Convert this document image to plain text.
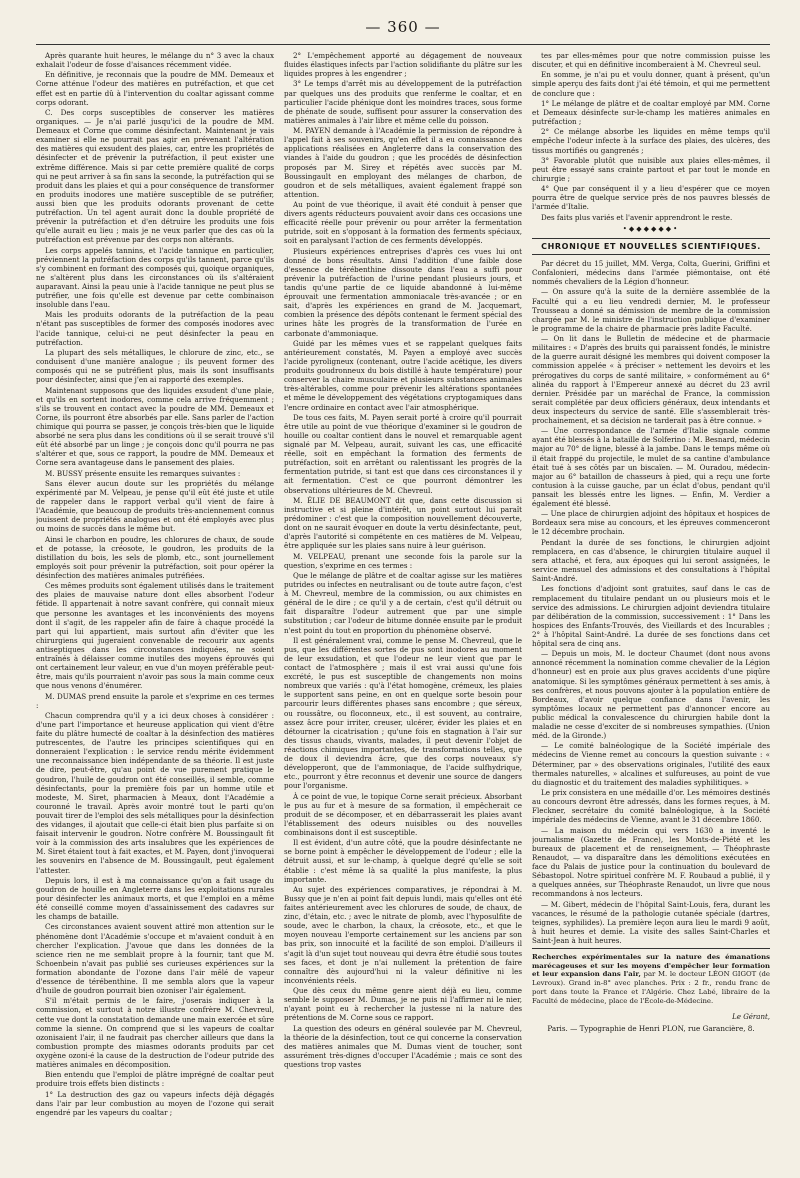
— 360 —

Après quarante huit heures, le mélange du n° 3 avec la chaux exhalait l'odeur de fosse d'aisances récemment vidée.

En définitive, je reconnais que la poudre de MM. Demeaux et Corne atténue l'odeur des matières en putréfaction, et que cet effet est en partie dû à l'intervention du coaltar agissant comme corps odorant.

C. Des corps susceptibles de conserver les matières organiques. — Je n'ai parlé jusqu'ici de la poudre de MM. Demeaux et Corne que comme désinfectant. Maintenant je vais examiner si elle ne pourrait pas agir en prévenant l'altération des matières qui exsudent des plaies, car, entre les propriétés de désinfecter et de prévenir la putréfaction, il peut exister une extrême différence. Mais si par cette première qualité de corps qui ne peut arriver à sa fin sans la seconde, la putréfaction qui se produit dans les plaies et qui a pour conséquence de transformer en produits inodores une matière susceptible de se putréfier, aussi bien que les produits odorants provenant de cette putréfaction. Un tel agent aurait donc la double propriété de prévenir la putréfaction et d'en détruire les produits une fois qu'elle aurait eu lieu ; mais je ne veux parler que des cas où la putréfaction est prévenue par des corps non altérants.

Les corps appelés tannins, et l'acide tannique en particulier, préviennent la putréfaction des corps qu'ils tannent, parce qu'ils s'y combinent en formant des composés qui, quoique organiques, ne s'altèrent plus dans les circonstances où ils s'altéraient auparavant. Ainsi la peau unie à l'acide tannique ne peut plus se putréfier, une fois qu'elle est devenue par cette combinaison insoluble dans l'eau.

Mais les produits odorants de la putréfaction de la peau n'étant pas susceptibles de former des composés inodores avec l'acide tannique, celui-ci ne peut désinfecter la peau en putréfaction.

La plupart des sels métalliques, le chlorure de zinc, etc., se conduisent d'une manière analogue ; ils peuvent former des composés qui ne se putréfient plus, mais ils sont insuffisants pour désinfecter, ainsi que j'en ai rapporté des exemples.

Maintenant supposons que des liquides exsudent d'une plaie, et qu'ils en sortent inodores, comme cela arrive fréquemment ; s'ils se trouvent en contact avec la poudre de MM. Demeaux et Corne, ils pourront être absorbés par elle. Sans parler de l'action chimique qui pourra se passer, je conçois très-bien que le liquide absorbé ne sera plus dans les conditions où il se serait trouvé s'il eût été absorbé par un linge ; je conçois donc qu'il pourra ne pas s'altérer et que, sous ce rapport, la poudre de MM. Demeaux et Corne sera avantageuse dans le pansement des plaies.

M. BUSSY présente ensuite les remarques suivantes :

Sans élever aucun doute sur les propriétés du mélange expérimenté par M. Velpeau, je pense qu'il eût été juste et utile de rappeler dans le rapport verbal qu'il vient de faire à l'Académie, que beaucoup de produits très-anciennement connus jouissent de propriétés analogues et ont été employés avec plus ou moins de succès dans le même but.

Ainsi le charbon en poudre, les chlorures de chaux, de soude et de potasse, la créosote, le goudron, les produits de la distillation du bois, les sels de plomb, etc., sont journellement employés soit pour prévenir la putréfaction, soit pour opérer la désinfection des matières animales putréfiées.

Ces mêmes produits sont également utilisés dans le traitement des plaies de mauvaise nature dont elles absorbent l'odeur fétide. Il appartenait à notre savant confrère, qui connaît mieux que personne les avantages et les inconvénients des moyens dont il s'agit, de les rappeler afin de faire à chaque procédé la part qui lui appartient, mais surtout afin d'éviter que les chirurgiens qui jugeraient convenable de recourir aux agents antiseptiques dans les circonstances indiquées, ne soient entraînés à délaisser comme inutiles des moyens éprouvés qui ont certainement leur valeur, en vue d'un moyen préférable peut-être, mais qu'ils pourraient n'avoir pas sous la main comme ceux que nous venons d'énumérer.

M. DUMAS prend ensuite la parole et s'exprime en ces termes :

Chacun comprendra qu'il y a ici deux choses à considérer : d'une part l'importance et heureuse application qui vient d'être faite du plâtre humecté de coaltar à la désinfection des matières putrescentes, de l'autre les principes scientifiques qui en donneraient l'explication : le service rendu mérite évidemment une reconnaissance bien indépendante de sa théorie. Il est juste de dire, peut-être, qu'au point de vue purement pratique le goudron, l'huile de goudron ont été conseillés, il semble, comme désinfectants, pour la première fois par un homme utile et modeste, M. Siret, pharmacien à Meaux, dont l'Académie a couronné le travail. Après avoir montré tout le parti qu'on pouvait tirer de l'emploi des sels métalliques pour la désinfection des vidanges, il ajoutait que celle-ci était bien plus parfaite si on faisait intervenir le goudron. Notre confrère M. Boussingault fit voir à la commission des arts insalubres que les expériences de M. Siret étaient tout à fait exactes, et M. Payen, dont j'invoquerai les souvenirs en l'absence de M. Boussingault, peut également l'attester.

Depuis lors, il est à ma connaissance qu'on a fait usage du goudron de houille en Angleterre dans les exploitations rurales pour désinfecter les animaux morts, et que l'emploi en a même été conseillé comme moyen d'assainissement des cadavres sur les champs de bataille.

Ces circonstances avaient souvent attiré mon attention sur le phénomène dont l'Académie s'occupe et m'avaient conduit à en chercher l'explication. J'avoue que dans les données de la science rien ne me semblait propre à la fournir, tant que M. Schoenbein n'avait pas publié ses curieuses expériences sur la formation abondante de l'ozone dans l'air mêlé de vapeur d'essence de térébenthine. Il me sembla alors que la vapeur d'huile de goudron pourrait bien ozoniser l'air également.

S'il m'était permis de le faire, j'oserais indiquer à la commission, et surtout à notre illustre confrère M. Chevreul, cette vue dont la constatation demande une main exercée et sûre comme la sienne. On comprend que si les vapeurs de coaltar ozonisaient l'air, il ne faudrait pas chercher ailleurs que dans la combustion prompte des miasmes odorants produits par cet oxygène ozoni-é la cause de la destruction de l'odeur putride des matières animales en décomposition.

Bien entendu que l'emploi de plâtre imprégné de coaltar peut produire trois effets bien distincts :

1° La destruction des gaz ou vapeurs infects déjà dégagés dans l'air par leur combustion au moyen de l'ozone qui serait engendré par les vapeurs du coaltar ;

2° L'empêchement apporté au dégagement de nouveaux fluides élastiques infects par l'action solidifiante du plâtre sur les liquides propres à les engendrer ;

3° Le temps d'arrêt mis au développement de la putréfaction par quelques uns des produits que renferme le coaltar, et en particulier l'acide phénique dont les moindres traces, sous forme de phénate de soude, suffisent pour assurer la conservation des matières animales à l'air libre et même celle du poisson.

M. PAYEN demande à l'Académie la permission de répondre à l'appel fait à ses souvenirs, qu'en effet il a eu connaissance des applications réalisées en Angleterre dans la conservation des viandes à l'aide du goudron ; que les procédés de désinfection proposés par M. Sirey et répétés avec succès par M. Boussingault en employant des mélanges de charbon, de goudron et de sels métalliques, avaient également frappé son attention.

Au point de vue théorique, il avait été conduit à penser que divers agents réducteurs pouvaient avoir dans ces occasions une efficacité réelle pour prévenir ou pour arrêter la fermentation putride, soit en s'opposant à la formation des ferments spéciaux, soit en paralysant l'action de ces ferments développés.

Plusieurs expériences entreprises d'après ces vues lui ont donné de bons résultats. Ainsi l'addition d'une faible dose d'essence de térébenthine dissoute dans l'eau a suffi pour prévenir la putréfaction de l'urine pendant plusieurs jours, et tandis qu'une partie de ce liquide abandonné à lui-même éprouvait une fermentation ammoniacale très-avancée ; or en sait, d'après les expériences en grand de M. Jacquemart, combien la présence des dépôts contenant le ferment spécial des urines hâte les progrès de la transformation de l'urée en carbonate d'ammoniaque.

Guidé par les mêmes vues et se rappelant quelques faits antérieurement constatés, M. Payen a employé avec succès l'acide pyroligneux (contenant, outre l'acide acétique, les divers produits goudronneux du bois distillé à haute température) pour conserver la chaire musculaire et plusieurs substances animales très-altérables, comme pour prévenir les altérations spontanées et même le développement des végétations cryptogamiques dans l'encre ordinaire en contact avec l'air atmosphérique.

De tous ces faits, M. Payen serait porté à croire qu'il pourrait être utile au point de vue théorique d'examiner si le goudron de houille ou coaltar contient dans le nouvel et remarquable agent signalé par M. Velpeau, aurait, suivant les cas, une efficacité réelle, soit en empêchant la formation des ferments de putréfaction, soit en arrêtant ou ralentissant les progrès de la fermentation putride, si tant est que dans ces circonstances il y ait fermentation. C'est ce que pourront démontrer les observations ultérieures de M. Chevreul.

M. ÉLIE DE BEAUMONT dit que, dans cette discussion si instructive et si pleine d'intérêt, un point surtout lui paraît prédominer : c'est que la composition nouvellement découverte, dont on ne saurait évoquer en doute la vertu désinfectante, peut, d'après l'autorité si compétente en ces matières de M. Velpeau, être appliquée sur les plaies sans nuire à leur guérison.

M. VELPEAU, prenant une seconde fois la parole sur la question, s'exprime en ces termes :

Que le mélange de plâtre et de coaltar agisse sur les matières putrides ou infectes en neutralisant ou de toute autre façon, c'est à M. Chevreul, membre de la commission, ou aux chimistes en général de le dire ; ce qu'il y a de certain, c'est qu'il détruit ou fait disparaître l'odeur autrement que par une simple substitution ; car l'odeur de bitume donnée ensuite par le produit n'est point du tout en proportion du phénomène observé.

Il est généralement vrai, comme le pense M. Chevreul, que le pus, que les différentes sortes de pus sont inodores au moment de leur exsudation, et que l'odeur ne leur vient que par le contact de l'atmosphère ; mais il est vrai aussi qu'une fois excrété, le pus est susceptible de changements non moins nombreux que variés : qu'à l'état homogène, crémeux, les plaies le supportent sans peine, en ont en quelque sorte besoin pour parcourir leurs différentes phases sans encombre ; que séreux, ou roussâtre, ou floconneux, etc., il est souvent, au contraire, assez âcre pour irriter, creuser, ulcérer, évider les plaies et en détourner la cicatrisation ; qu'une fois en stagnation à l'air sur des tissus chauds, vivants, malades, il peut devenir l'objet de réactions chimiques importantes, de transformations telles, que de doux il deviendra âcre, que des corps nouveaux s'y développeront, que de l'ammoniaque, de l'acide sulfhydrique, etc., pourront y être reconnus et devenir une source de dangers pour l'organisme.

À ce point de vue, le topique Corne serait précieux. Absorbant le pus au fur et à mesure de sa formation, il empêcherait ce produit de se décomposer, et en débarrasserait les plaies avant l'établissement des odeurs nuisibles ou des nouvelles combinaisons dont il est susceptible.

Il est évident, d'un autre côté, que la poudre désinfectante ne se borne point à empêcher le développement de l'odeur ; elle la détruit aussi, et sur le-champ, à quelque degré qu'elle se soit établie : c'est même là sa qualité la plus manifeste, la plus importante.

Au sujet des expériences comparatives, je répondrai à M. Bussy que je n'en ai point fait depuis lundi, mais qu'elles ont été faites antérieurement avec les chlorures de soude, de chaux, de zinc, d'étain, etc. ; avec le nitrate de plomb, avec l'hyposulfite de soude, avec le charbon, la chaux, la créosote, etc., et que le moyen nouveau l'emporte certainement sur les anciens par son bas prix, son innocuité et la facilité de son emploi. D'ailleurs il s'agit là d'un sujet tout nouveau qui devra être étudié sous toutes ses faces, et dont je n'ai nullement la prétention de faire connaître dès aujourd'hui ni la valeur définitive ni les inconvénients réels.

Que dès ceux du même genre aient déjà eu lieu, comme semble le supposer M. Dumas, je ne puis ni l'affirmer ni le nier, n'ayant point eu à rechercher la justesse ni la nature des prétentions de M. Corne sous ce rapport.

La question des odeurs en général soulevée par M. Chevreul, la théorie de la désinfection, tout ce qui concerne la conservation des matières animales que M. Dumas vient de toucher, sont assurément très-dignes d'occuper l'Académie ; mais ce sont des questions trop vastes

tes par elles-mêmes pour que notre commission puisse les discuter, et qui en définitive incomberaient à M. Chevreul seul.

En somme, je n'ai pu et voulu donner, quant à présent, qu'un simple aperçu des faits dont j'ai été témoin, et qui me permettent de conclure que :

1° Le mélange de plâtre et de coaltar employé par MM. Corne et Demeaux désinfecte sur-le-champ les matières animales en putréfaction ;

2° Ce mélange absorbe les liquides en même temps qu'il empêche l'odeur infecte à la surface des plaies, des ulcères, des tissus mortifiés ou gangrenés ;

3° Favorable plutôt que nuisible aux plaies elles-mêmes, il peut être essayé sans crainte partout et par tout le monde en chirurgie ;

4° Que par conséquent il y a lieu d'espérer que ce moyen pourra être de quelque service près de nos pauvres blessés de l'armée d'Italie.

Des faits plus variés et l'avenir apprendront le reste.

•◆◆◆◆◆◆•
CHRONIQUE ET NOUVELLES SCIENTIFIQUES.

Par décret du 15 juillet, MM. Verga, Colta, Guerini, Griffini et Confalonieri, médecins dans l'armée piémontaise, ont été nommés chevaliers de la Légion d'honneur.

— On assure qu'à la suite de la dernière assemblée de la Faculté qui a eu lieu vendredi dernier, M. le professeur Trousseau a donné sa démission de membre de la commission chargée par M. le ministre de l'instruction publique d'examiner le programme de la chaire de pharmacie près ladite Faculté.

— On lit dans le Bulletin de médecine et de pharmacie militaires : « D'après des bruits qui paraissent fondés, le ministre de la guerre aurait désigné les membres qui doivent composer la commission appelée « à préciser » nettement les devoirs et les prérogatives du corps de santé militaire, » conformément au 6° alinéa du rapport à l'Empereur annexé au décret du 23 avril dernier. Présidée par un maréchal de France, la commission serait complétée par deux officiers généraux, deux intendants et deux inspecteurs du service de santé. Elle s'assemblerait très-prochainement, et sa décision ne tarderait pas à être connue. »

— Une correspondance de l'armée d'Italie signale comme ayant été blessés à la bataille de Solferino : M. Besnard, médecin major au 70° de ligne, blessé à la jambe. Dans le temps même où il était frappé du projectile, le mulet de sa cantine d'ambulance était tué à ses côtés par un biscaïen. — M. Ouradou, médecin-major au 6° bataillon de chasseurs à pied, qui a reçu une forte contusion à la cuisse gauche, par un éclat d'obus, pendant qu'il pansait les blessés entre les lignes. — Enfin, M. Verdier a également été blessé.

— Une place de chirurgien adjoint des hôpitaux et hospices de Bordeaux sera mise au concours, et les épreuves commenceront le 12 décembre prochain.

Pendant la durée de ses fonctions, le chirurgien adjoint remplacera, en cas d'absence, le chirurgien titulaire auquel il sera attaché, et fera, aux époques qui lui seront assignées, le service mensuel des admissions et des consultations à l'hôpital Saint-André.

Les fonctions d'adjoint sont gratuites, sauf dans le cas de remplacement du titulaire pendant un ou plusieurs mois et le service des admissions. Le chirurgien adjoint deviendra titulaire par délibération de la commission, successivement : 1° Dans les hospices des Enfants-Trouvés, des Vieillards et des Incurables ; 2° à l'hôpital Saint-André. La durée de ses fonctions dans cet hôpital sera de cinq ans.

— Depuis un mois, M. le docteur Chaumet (dont nous avons annoncé récemment la nomination comme chevalier de la Légion d'honneur) est en proie aux plus graves accidents d'une piqûre anatomique. Si les symptômes généraux permettent à ses amis, à ses confrères, et nous pouvons ajouter à la population entière de Bordeaux, d'avoir quelque confiance dans l'avenir, les symptômes locaux ne permettent pas d'annoncer encore au public médical la convalescence du chirurgien habile dont la maladie ne cesse d'exciter de si nombreuses sympathies. (Union méd. de la Gironde.)

— Le comité balnéologique de la Société impériale des médecins de Vienne remet au concours la question suivante : « Déterminer, par » des observations originales, l'utilité des eaux thermales naturelles, » alcalines et sulfureuses, au point de vue du diagnostic et du traitement des maladies syphilitiques. »

Le prix consistera en une médaille d'or. Les mémoires destinés au concours devront être adressés, dans les formes reçues, à M. Fleckner, secrétaire du comité balnéologique, à la Société impériale des médecins de Vienne, avant le 31 décembre 1860.

— La maison du médecin qui vers 1630 a inventé le journalisme (Gazette de France), les Monts-de-Piété et les bureaux de placement et de renseignement, — Théophraste Renaudot, — va disparaître dans les démolitions exécutées en face du Palais de justice pour la continuation du boulevard de Sébastopol. Notre spirituel confrère M. F. Roubaud a publié, il y a quelques années, sur Théophraste Renaudot, un livre que nous recommandons à nos lecteurs.

— M. Gibert, médecin de l'hôpital Saint-Louis, fera, durant les vacances, le résumé de la pathologie cutanée spéciale (dartres, teignes, syphilides). La première leçon aura lieu le mardi 9 août, à huit heures et demie. La visite des salles Saint-Charles et Saint-Jean à huit heures.

Recherches expérimentales sur la nature des émanations marécageuses et sur les moyens d'empêcher leur formation et leur expansion dans l'air, par M. le docteur LÉON GIGOT (de Levroux). Grand in-8° avec planches. Prix : 2 fr., rendu franc de port dans toute la France et l'Algérie. Chez Labé, libraire de la Faculté de médecine, place de l'École-de-Médecine.
Le Gérant,
Paris. — Typographie de Henri PLON, rue Garancière, 8.
